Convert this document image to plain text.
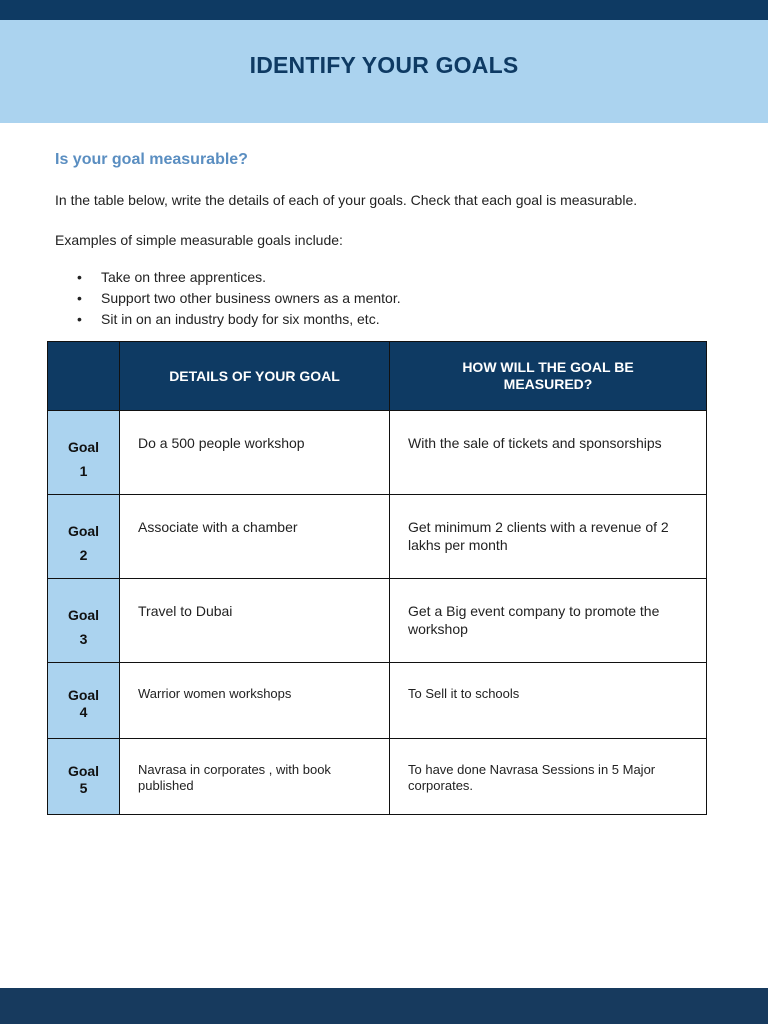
IDENTIFY YOUR GOALS
Is your goal measurable?
In the table below, write the details of each of your goals. Check that each goal is measurable.
Examples of simple measurable goals include:
• Take on three apprentices.
• Support two other business owners as a mentor.
• Sit in on an industry body for six months, etc.

	DETAILS OF YOUR GOAL	HOW WILL THE GOAL BE
MEASURED?

Goal
1	Do a 500 people workshop	With the sale of tickets and sponsorships

Goal
2	Associate with a chamber	Get minimum 2 clients with a revenue of 2 lakhs per month

Goal
3	Travel to Dubai	Get a Big event company to promote the workshop

Goal
4	Warrior women workshops	To Sell it to schools

Goal
5	Navrasa in corporates , with book published	To have done Navrasa Sessions in 5 Major corporates.
